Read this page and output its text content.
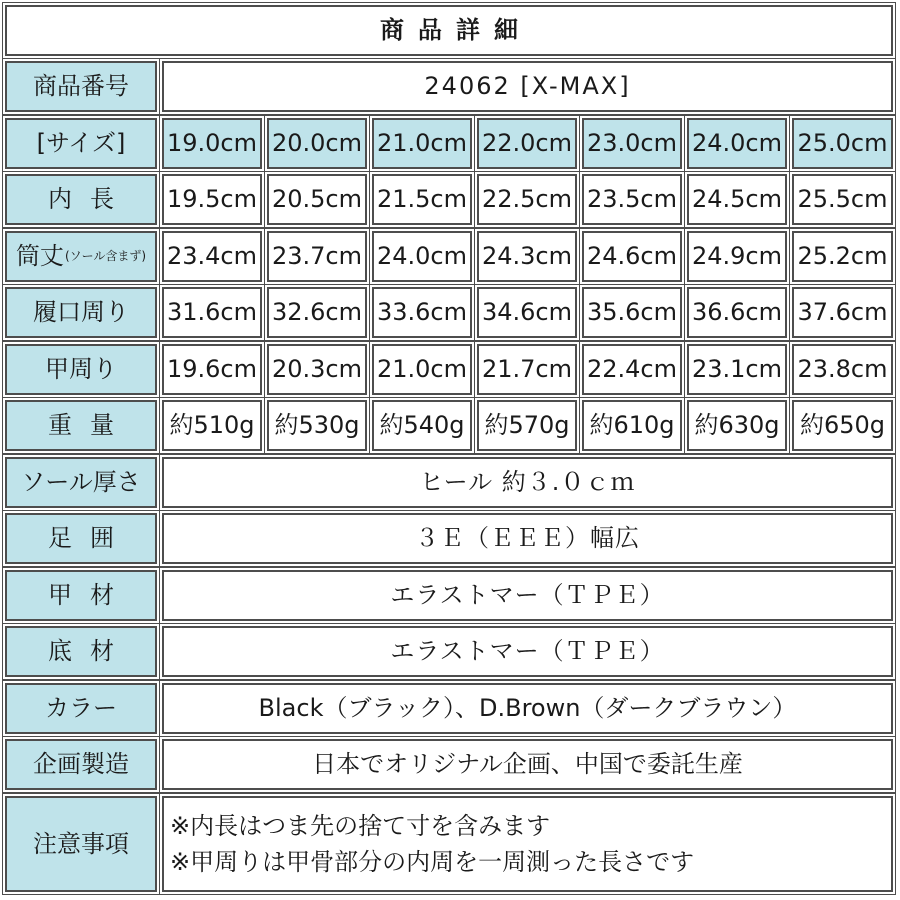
商品詳細
商品番号	24062 [X-MAX]
[サイズ]	19.0cm 20.0cm 21.0cm 22.0cm 23.0cm 24.0cm 25.0cm
内長	19.5cm 20.5cm 21.5cm 22.5cm 23.5cm 24.5cm 25.5cm
筒丈 (ソール含まず) 23.4cm 23.7cm 24.0cm 24.3cm 24.6cm 24.9cm 25.2cm
履口周り	31.6cm 32.6cm 33.6cm 34.6cm 35.6cm 36.6cm 37.6cm
甲周り	19.6cm 20.3cm 21.0cm 21.7cm 22.4cm 23.1cm 23.8cm
重量	約510g 約530g 約540g 約570g 約610g 約630g 約650g
ソール厚さ	ヒール 約３.０ｃｍ
足囲	３Ｅ（ＥＥＥ）幅広
甲材	エラストマー（ＴＰＥ）
底材	エラストマー（ＴＰＥ）
カラー	Black（ブラック）、D.Brown（ダークブラウン）
企画製造	日本でオリジナル企画、中国で委託生産
注意事項
※内長はつま先の捨て寸を含みます
※甲周りは甲骨部分の内周を一周測った長さです
